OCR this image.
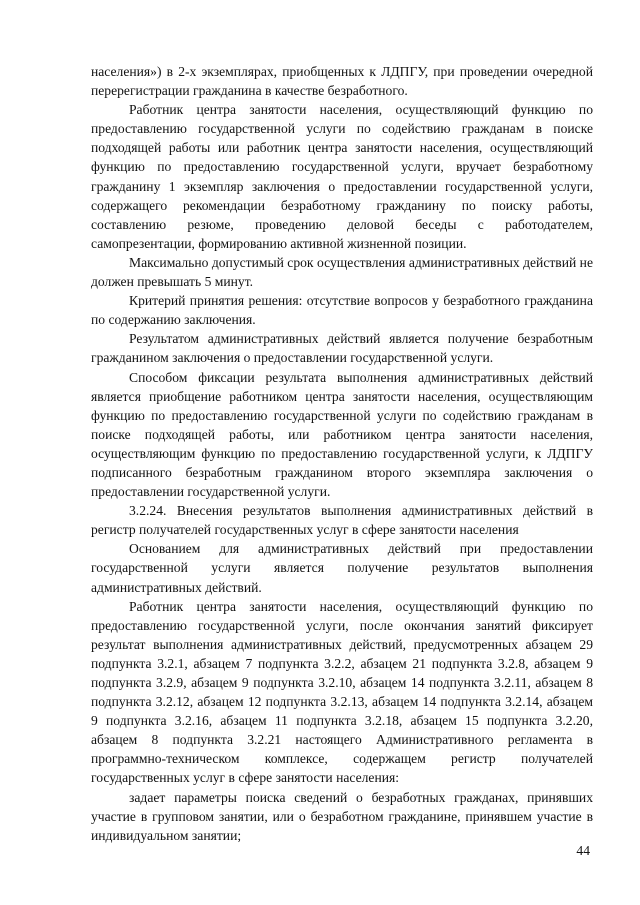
населения») в 2-х экземплярах, приобщенных к ЛДПГУ, при проведении очередной перерегистрации гражданина в качестве безработного.

Работник центра занятости населения, осуществляющий функцию по предоставлению государственной услуги по содействию гражданам в поиске подходящей работы или работник центра занятости населения, осуществляющий функцию по предоставлению государственной услуги, вручает безработному гражданину 1 экземпляр заключения о предоставлении государственной услуги, содержащего рекомендации безработному гражданину по поиску работы, составлению резюме, проведению деловой беседы с работодателем, самопрезентации, формированию активной жизненной позиции.

Максимально допустимый срок осуществления административных действий не должен превышать 5 минут.

Критерий принятия решения: отсутствие вопросов у безработного гражданина по содержанию заключения.

Результатом административных действий является получение безработным гражданином заключения о предоставлении государственной услуги.

Способом фиксации результата выполнения административных действий является приобщение работником центра занятости населения, осуществляющим функцию по предоставлению государственной услуги по содействию гражданам в поиске подходящей работы, или работником центра занятости населения, осуществляющим функцию по предоставлению государственной услуги, к ЛДПГУ подписанного безработным гражданином второго экземпляра заключения о предоставлении государственной услуги.

3.2.24. Внесения результатов выполнения административных действий в регистр получателей государственных услуг в сфере занятости населения

Основанием для административных действий при предоставлении государственной услуги является получение результатов выполнения административных действий.

Работник центра занятости населения, осуществляющий функцию по предоставлению государственной услуги, после окончания занятий фиксирует результат выполнения административных действий, предусмотренных абзацем 29 подпункта 3.2.1, абзацем 7 подпункта 3.2.2, абзацем 21 подпункта 3.2.8, абзацем 9 подпункта 3.2.9, абзацем 9 подпункта 3.2.10, абзацем 14 подпункта 3.2.11, абзацем 8 подпункта 3.2.12, абзацем 12 подпункта 3.2.13, абзацем 14 подпункта 3.2.14, абзацем 9 подпункта 3.2.16, абзацем 11 подпункта 3.2.18, абзацем 15 подпункта 3.2.20, абзацем 8 подпункта 3.2.21 настоящего Административного регламента в программно-техническом комплексе, содержащем регистр получателей государственных услуг в сфере занятости населения:

задает параметры поиска сведений о безработных гражданах, принявших участие в групповом занятии, или о безработном гражданине, принявшем участие в индивидуальном занятии;

44
